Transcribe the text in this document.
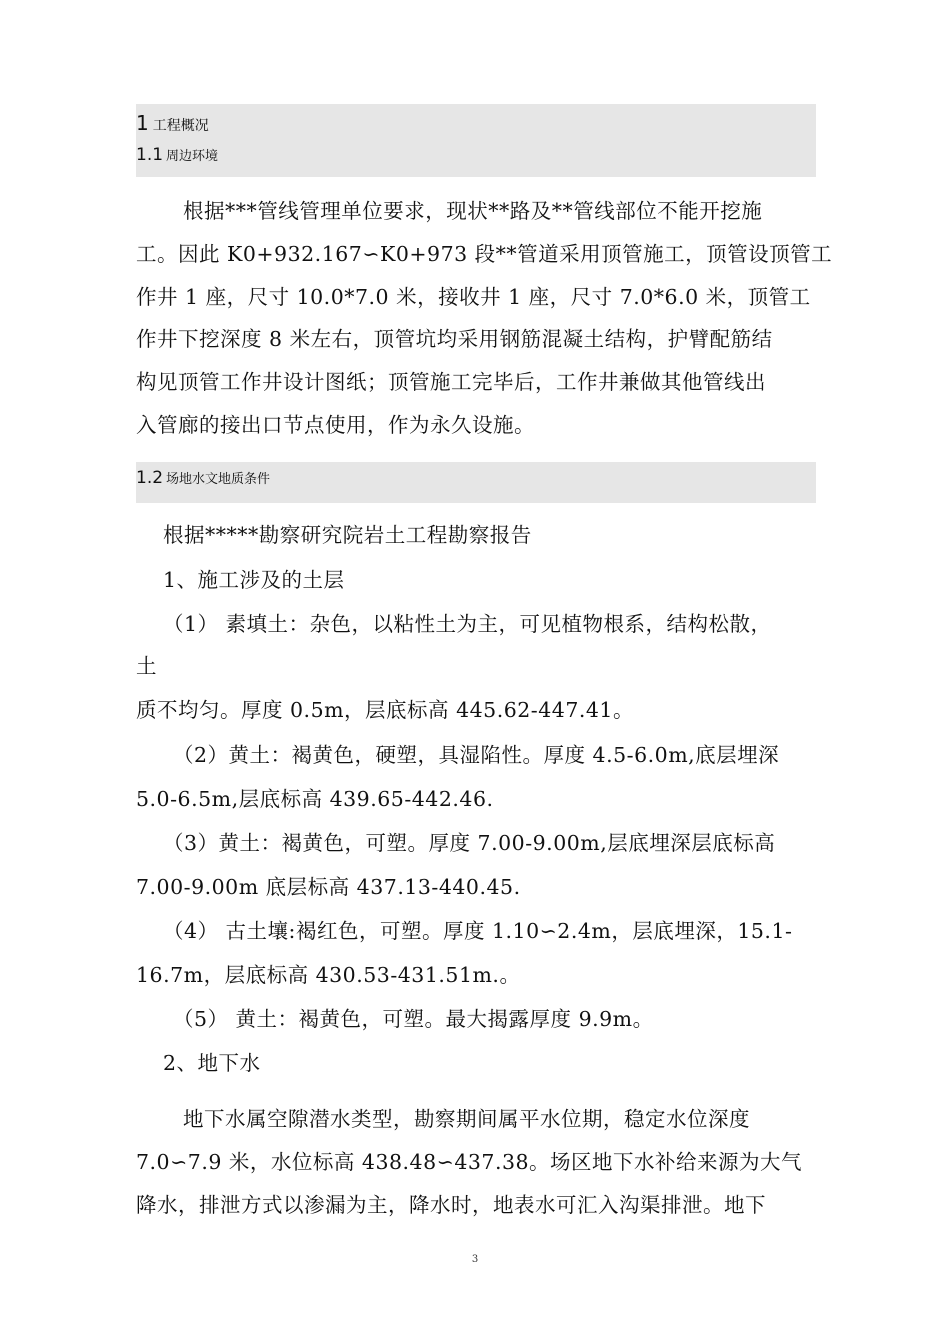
1 工程概况
1.1 周边环境
根据***管线管理单位要求，现状**路及**管线部位不能开挖施
工。因此 K0+932.167∽K0+973 段**管道采用顶管施工，顶管设顶管工
作井 1 座，尺寸 10.0*7.0 米，接收井 1 座，尺寸 7.0*6.0 米，顶管工
作井下挖深度 8 米左右，顶管坑均采用钢筋混凝土结构，护臂配筋结
构见顶管工作井设计图纸；顶管施工完毕后，工作井兼做其他管线出
入管廊的接出口节点使用，作为永久设施。
1.2 场地水文地质条件
根据*****勘察研究院岩土工程勘察报告
1、施工涉及的土层
（1） 素填土：杂色，以粘性土为主，可见植物根系，结构松散，
土
质不均匀。厚度 0.5m，层底标高 445.62-447.41。
（2）黄土：褐黄色，硬塑，具湿陷性。厚度 4.5-6.0m,底层埋深
5.0-6.5m,层底标高 439.65-442.46.
（3）黄土：褐黄色，可塑。厚度 7.00-9.00m,层底埋深层底标高
7.00-9.00m 底层标高 437.13-440.45.
（4） 古土壤:褐红色，可塑。厚度 1.10∽2.4m，层底埋深，15.1-
16.7m，层底标高 430.53-431.51m.。
（5） 黄土：褐黄色，可塑。最大揭露厚度 9.9m。
2、地下水
地下水属空隙潜水类型，勘察期间属平水位期，稳定水位深度
7.0∽7.9 米，水位标高 438.48∽437.38。场区地下水补给来源为大气
降水，排泄方式以渗漏为主，降水时，地表水可汇入沟渠排泄。地下
3
